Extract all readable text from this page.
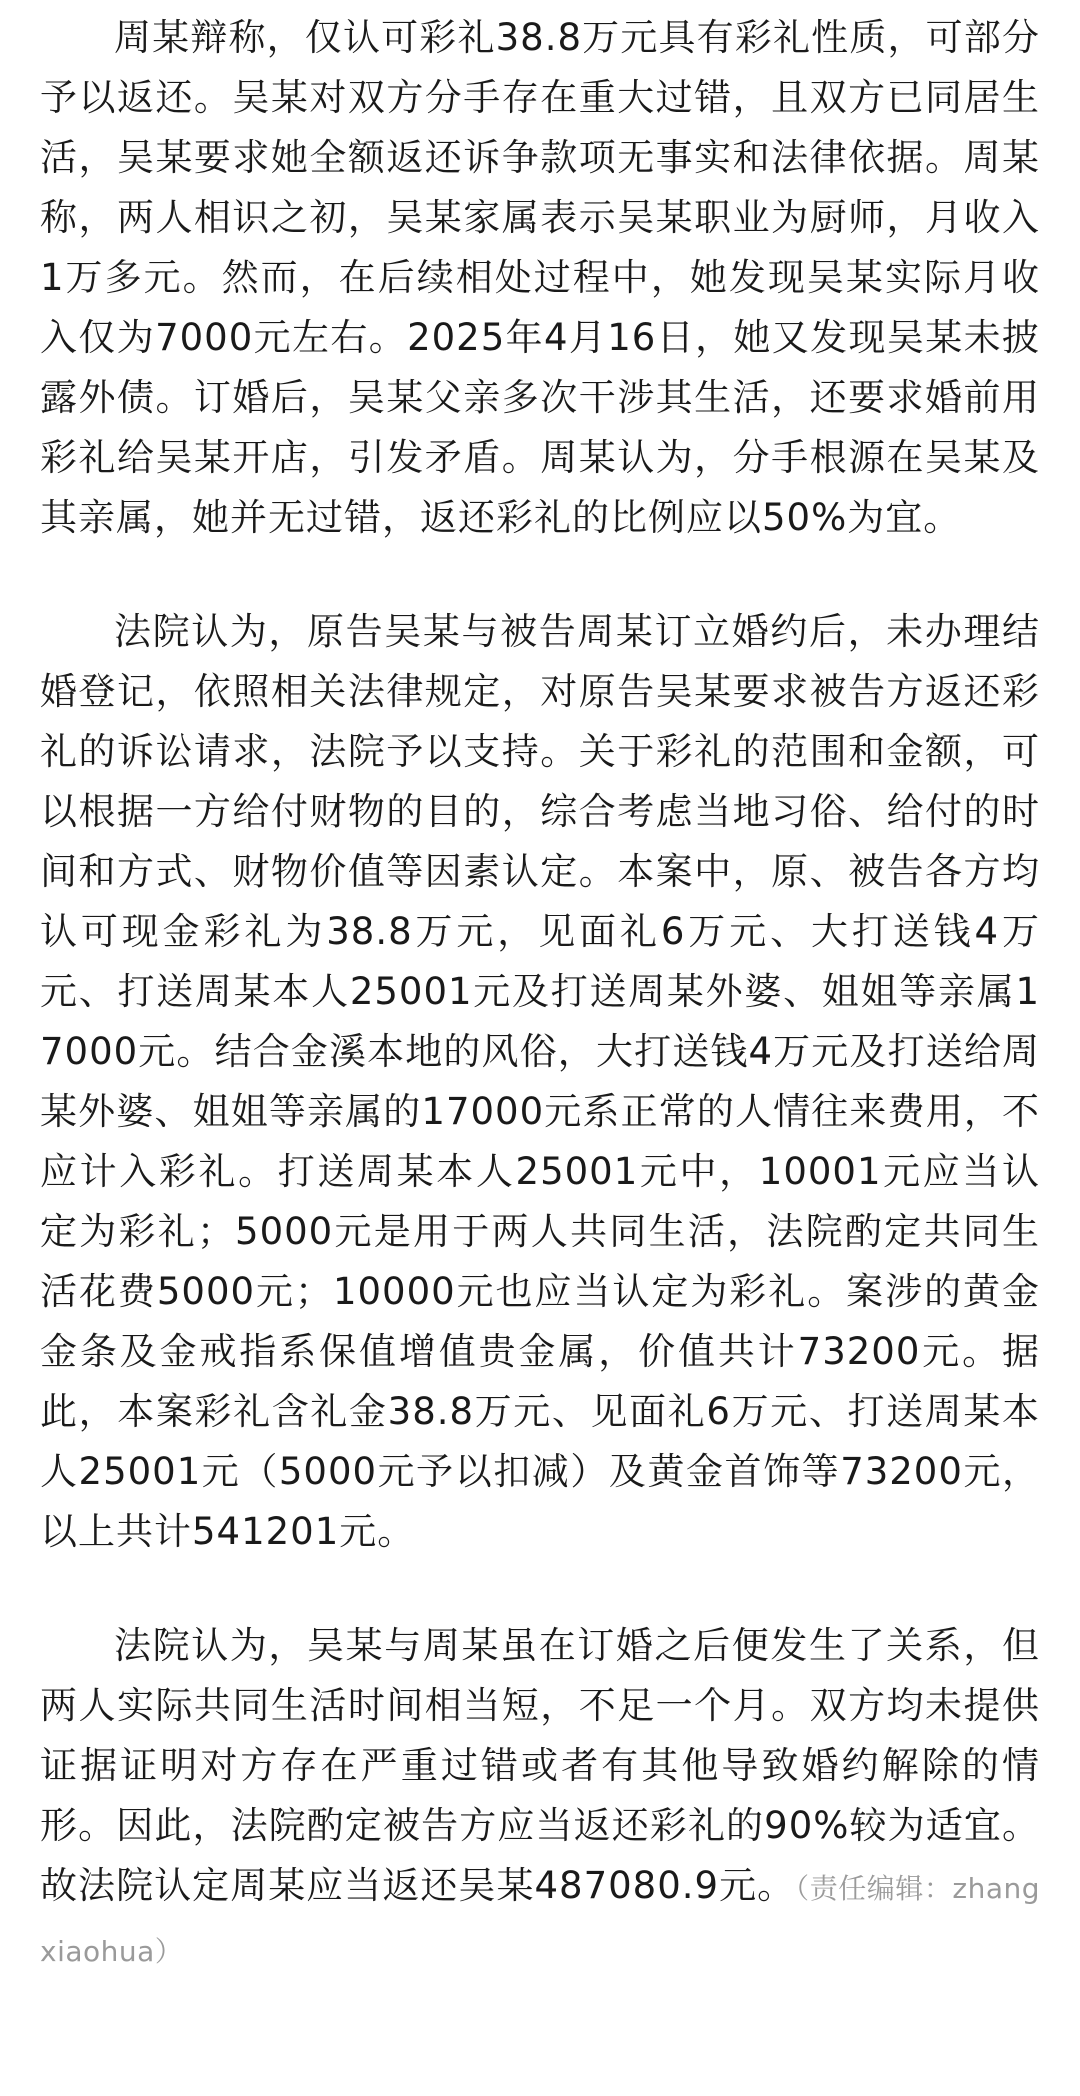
周某辩称，仅认可彩礼38.8万元具有彩礼性质，可部分予以返还。吴某对双方分手存在重大过错，且双方已同居生活，吴某要求她全额返还诉争款项无事实和法律依据。周某称，两人相识之初，吴某家属表示吴某职业为厨师，月收入1万多元。然而，在后续相处过程中，她发现吴某实际月收入仅为7000元左右。2025年4月16日，她又发现吴某未披露外债。订婚后，吴某父亲多次干涉其生活，还要求婚前用彩礼给吴某开店，引发矛盾。周某认为，分手根源在吴某及其亲属，她并无过错，返还彩礼的比例应以50%为宜。

法院认为，原告吴某与被告周某订立婚约后，未办理结婚登记，依照相关法律规定，对原告吴某要求被告方返还彩礼的诉讼请求，法院予以支持。关于彩礼的范围和金额，可以根据一方给付财物的目的，综合考虑当地习俗、给付的时间和方式、财物价值等因素认定。本案中，原、被告各方均认可现金彩礼为38.8万元，见面礼6万元、大打送钱4万元、打送周某本人25001元及打送周某外婆、姐姐等亲属17000元。结合金溪本地的风俗，大打送钱4万元及打送给周某外婆、姐姐等亲属的17000元系正常的人情往来费用，不应计入彩礼。打送周某本人25001元中，10001元应当认定为彩礼；5000元是用于两人共同生活，法院酌定共同生活花费5000元；10000元也应当认定为彩礼。案涉的黄金金条及金戒指系保值增值贵金属，价值共计73200元。据此，本案彩礼含礼金38.8万元、见面礼6万元、打送周某本人25001元（5000元予以扣减）及黄金首饰等73200元，以上共计541201元。

法院认为，吴某与周某虽在订婚之后便发生了关系，但两人实际共同生活时间相当短，不足一个月。双方均未提供证据证明对方存在严重过错或者有其他导致婚约解除的情形。因此，法院酌定被告方应当返还彩礼的90%较为适宜。故法院认定周某应当返还吴某487080.9元。（责任编辑：zhangxiaohua）
